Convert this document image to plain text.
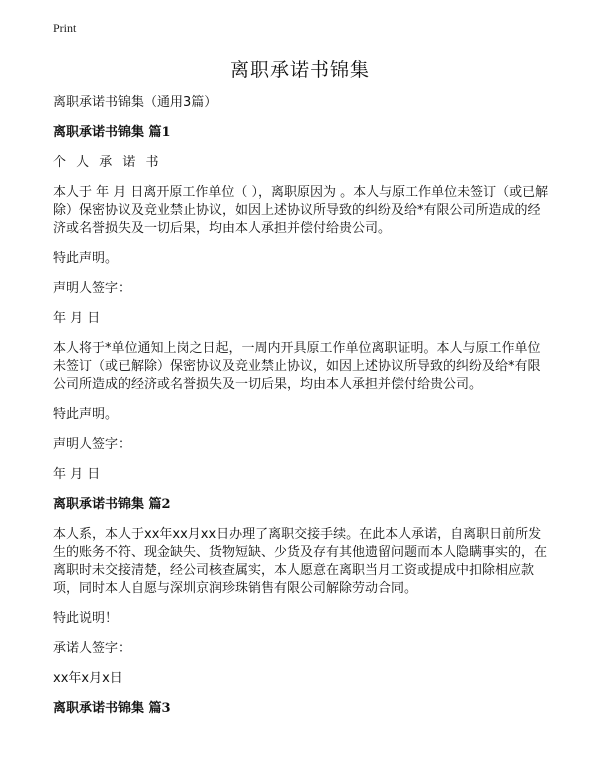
Print
离职承诺书锦集
离职承诺书锦集（通用3篇）
离职承诺书锦集 篇1
个 人 承 诺 书
本人于 年 月 日离开原工作单位（ ），离职原因为 。本人与原工作单位未签订（或已解除）保密协议及竞业禁止协议，如因上述协议所导致的纠纷及给*有限公司所造成的经济或名誉损失及一切后果，均由本人承担并偿付给贵公司。
特此声明。
声明人签字：
年 月 日
本人将于*单位通知上岗之日起，一周内开具原工作单位离职证明。本人与原工作单位未签订（或已解除）保密协议及竞业禁止协议，如因上述协议所导致的纠纷及给*有限公司所造成的经济或名誉损失及一切后果，均由本人承担并偿付给贵公司。
特此声明。
声明人签字：
年 月 日
离职承诺书锦集 篇2
本人系，本人于xx年xx月xx日办理了离职交接手续。在此本人承诺，自离职日前所发生的账务不符、现金缺失、货物短缺、少货及存有其他遗留问题而本人隐瞒事实的，在离职时未交接清楚，经公司核查属实，本人愿意在离职当月工资或提成中扣除相应款项，同时本人自愿与深圳京润珍珠销售有限公司解除劳动合同。
特此说明！
承诺人签字：
xx年x月x日
离职承诺书锦集 篇3
